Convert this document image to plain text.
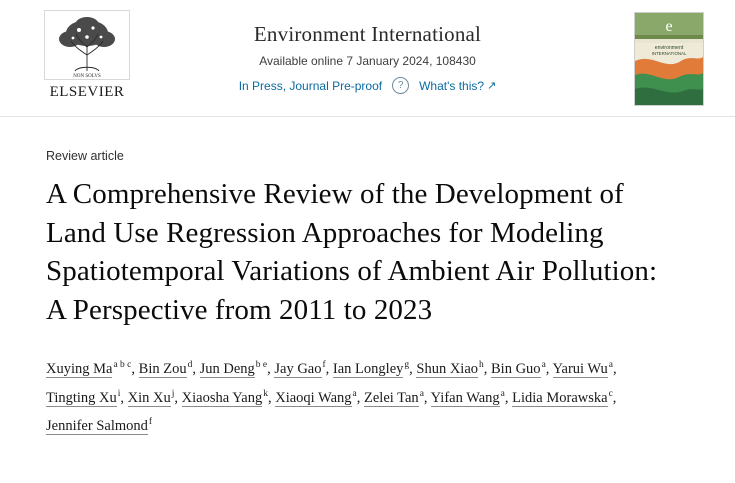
NON SOLVS
ELSEVIER
Environment International
Available online 7 January 2024, 108430
In Press, Journal Pre-proof	?	What's this? ↗
e
environment
INTERNATIONAL
Review article
A Comprehensive Review of the Development of Land Use Regression Approaches for Modeling Spatiotemporal Variations of Ambient Air Pollution: A Perspective from 2011 to 2023
Xuying Ma$^{a b c}$, Bin Zou$^d$, Jun Deng$^{b e}$, Jay Gao$^f$, Ian Longley$^g$, Shun Xiao$^h$, Bin Guo$^a$, Yarui Wu$^a$, Tingting Xu$^i$, Xin Xu$^j$, Xiaosha Yang$^k$, Xiaoqi Wang$^a$, Zelei Tan$^a$, Yifan Wang$^a$, Lidia Morawska$^c$, Jennifer Salmond$^f$
